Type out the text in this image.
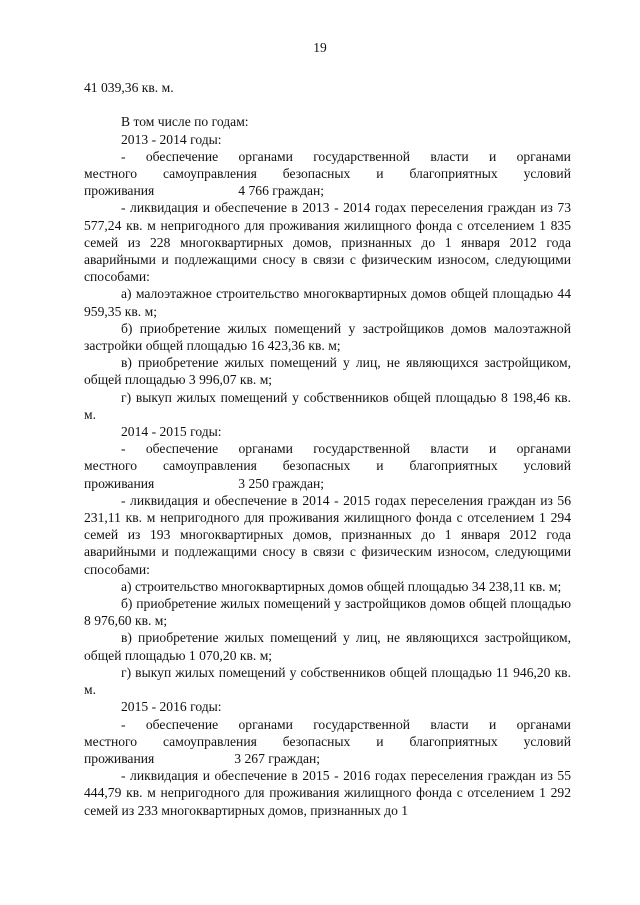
19

41 039,36 кв. м.

В том числе по годам:

2013 - 2014 годы:

- обеспечение органами государственной власти и органами
местного самоуправления безопасных и благоприятных условий
проживания	4 766 граждан;

- ликвидация и обеспечение в 2013 - 2014 годах переселения граждан из 73 577,24 кв. м непригодного для проживания жилищного фонда с отселением 1 835 семей из 228 многоквартирных домов, признанных до 1 января 2012 года аварийными и подлежащими сносу в связи с физическим износом, следующими способами:

а) малоэтажное строительство многоквартирных домов общей площадью 44 959,35 кв. м;

б) приобретение жилых помещений у застройщиков домов малоэтажной застройки общей площадью 16 423,36 кв. м;

в) приобретение жилых помещений у лиц, не являющихся застройщиком, общей площадью 3 996,07 кв. м;

г) выкуп жилых помещений у собственников общей площадью 8 198,46 кв. м.

2014 - 2015 годы:

- обеспечение органами государственной власти и органами
местного самоуправления безопасных и благоприятных условий
проживания	3 250 граждан;

- ликвидация и обеспечение в 2014 - 2015 годах переселения граждан из 56 231,11 кв. м непригодного для проживания жилищного фонда с отселением 1 294 семей из 193 многоквартирных домов, признанных до 1 января 2012 года аварийными и подлежащими сносу в связи с физическим износом, следующими способами:

а) строительство многоквартирных домов общей площадью 34 238,11 кв. м;

б) приобретение жилых помещений у застройщиков домов общей площадью 8 976,60 кв. м;

в) приобретение жилых помещений у лиц, не являющихся застройщиком, общей площадью 1 070,20 кв. м;

г) выкуп жилых помещений у собственников общей площадью 11 946,20 кв. м.

2015 - 2016 годы:

- обеспечение органами государственной власти и органами
местного самоуправления безопасных и благоприятных условий
проживания	3 267 граждан;

- ликвидация и обеспечение в 2015 - 2016 годах переселения граждан из 55 444,79 кв. м непригодного для проживания жилищного фонда с отселением 1 292 семей из 233 многоквартирных домов, признанных до 1
